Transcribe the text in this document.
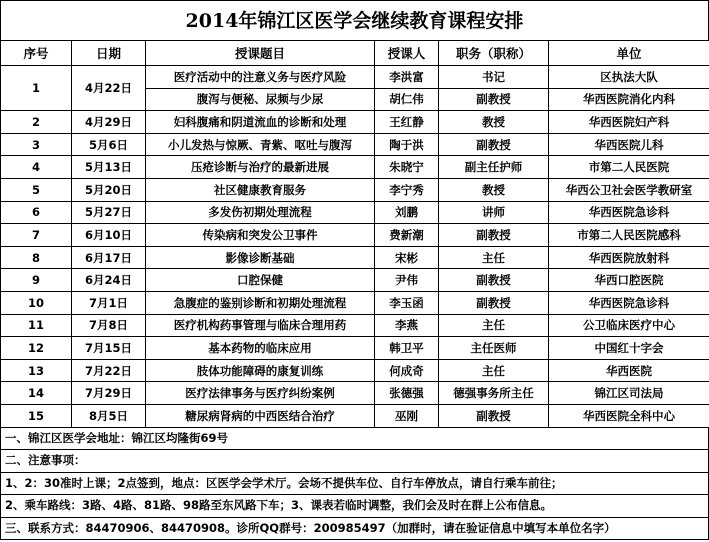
2014年锦江区医学会继续教育课程安排
序号	日期	授课题目	授课人	职务（职称）	单位
1	4月22日	医疗活动中的注意义务与医疗风险	李洪富	书记	区执法大队
		腹泻与便秘、尿频与少尿	胡仁伟	副教授	华西医院消化内科
2	4月29日	妇科腹痛和阴道流血的诊断和处理	王红静	教授	华西医院妇产科
3	5月6日	小儿发热与惊厥、青紫、呕吐与腹泻	陶于洪	副教授	华西医院儿科
4	5月13日	压疮诊断与治疗的最新进展	朱晓宁	副主任护师	市第二人民医院
5	5月20日	社区健康教育服务	李宁秀	教授	华西公卫社会医学教研室
6	5月27日	多发伤初期处理流程	刘鹏	讲师	华西医院急诊科
7	6月10日	传染病和突发公卫事件	费新潮	副教授	市第二人民医院感科
8	6月17日	影像诊断基础	宋彬	主任	华西医院放射科
9	6月24日	口腔保健	尹伟	副教授	华西口腔医院
10	7月1日	急腹症的鉴别诊断和初期处理流程	李玉函	副教授	华西医院急诊科
11	7月8日	医疗机构药事管理与临床合理用药	李燕	主任	公卫临床医疗中心
12	7月15日	基本药物的临床应用	韩卫平	主任医师	中国红十字会
13	7月22日	肢体功能障碍的康复训练	何成奇	主任	华西医院
14	7月29日	医疗法律事务与医疗纠纷案例	张德强	德强事务所主任	锦江区司法局
15	8月5日	糖尿病肾病的中西医结合治疗	巫刚	副教授	华西医院全科中心
一、锦江区医学会地址：锦江区均隆街69号
二、注意事项：
1、2：30准时上课；2点签到，地点：区医学会学术厅。会场不提供车位、自行车停放点，请自行乘车前往；
2、乘车路线：3路、4路、81路、98路至东风路下车；3、课表若临时调整，我们会及时在群上公布信息。
三、联系方式：84470906、84470908。诊所QQ群号：200985497（加群时，请在验证信息中填写本单位名字）
